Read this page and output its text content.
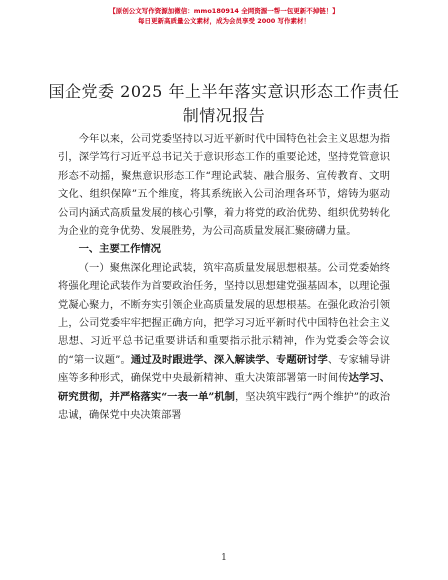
【原创公文写作资源加微信：mmo180914 全网资源一帮一包更新不掉链！】
每日更新高质量公文素材，成为会员享受 2000 写作素材！
国企党委 2025 年上半年落实意识形态工作责任
制情况报告

今年以来，公司党委坚持以习近平新时代中国特色社会主义思想为指引，深学笃行习近平总书记关于意识形态工作的重要论述，坚持党管意识形态不动摇，聚焦意识形态工作“理论武装、融合服务、宣传教育、文明文化、组织保障”五个维度，将其系统嵌入公司治理各环节，熔铸为驱动公司内涵式高质量发展的核心引擎，着力将党的政治优势、组织优势转化为企业的竞争优势、发展胜势，为公司高质量发展汇聚磅礴力量。

一、主要工作情况

（一）聚焦深化理论武装，筑牢高质量发展思想根基。公司党委始终将强化理论武装作为首要政治任务，坚持以思想建党强基固本，以理论强党凝心聚力，不断夯实引领企业高质量发展的思想根基。在强化政治引领上，公司党委牢牢把握正确方向，把学习习近平新时代中国特色社会主义思想、习近平总书记重要讲话和重要指示批示精神，作为党委会等会议的“第一议题”。通过及时跟进学、深入解读学、专题研讨学、专家辅导讲座等多种形式，确保党中央最新精神、重大决策部署第一时间传达学习、研究贯彻，并严格落实“一表一单”机制，坚决筑牢践行“两个维护”的政治忠诚，确保党中央决策部署

1
